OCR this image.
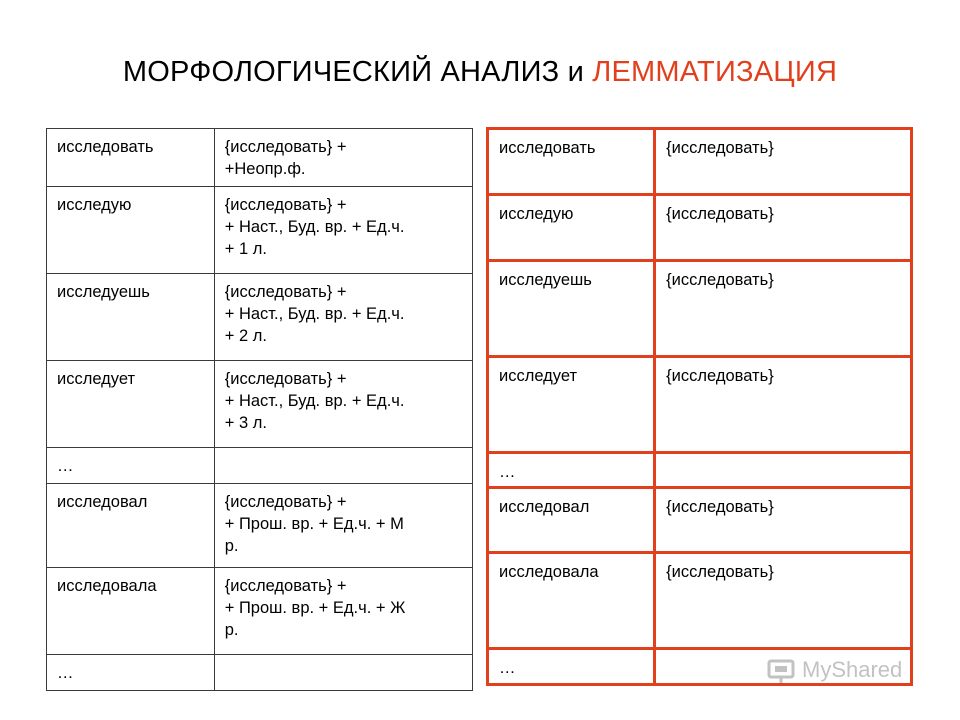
МОРФОЛОГИЧЕСКИЙ АНАЛИЗ и ЛЕММАТИЗАЦИЯ
исследовать	{исследовать} +
+Неопр.ф.

исследую	{исследовать} +
+ Наст., Буд. вр. + Ед.ч.
+ 1 л.

исследуешь	{исследовать} +
+ Наст., Буд. вр. + Ед.ч.
+ 2 л.

исследует	{исследовать} +
+ Наст., Буд. вр. + Ед.ч.
+ 3 л.

…	
исследовал	{исследовать} +
+ Прош. вр. + Ед.ч. + М
р.

исследовала	{исследовать} +
+ Прош. вр. + Ед.ч. + Ж
р.

…	
исследовать	{исследовать}
исследую	{исследовать}
исследуешь	{исследовать}
исследует	{исследовать}
…	
исследовал	{исследовать}
исследовала	{исследовать}
…		MyShared
